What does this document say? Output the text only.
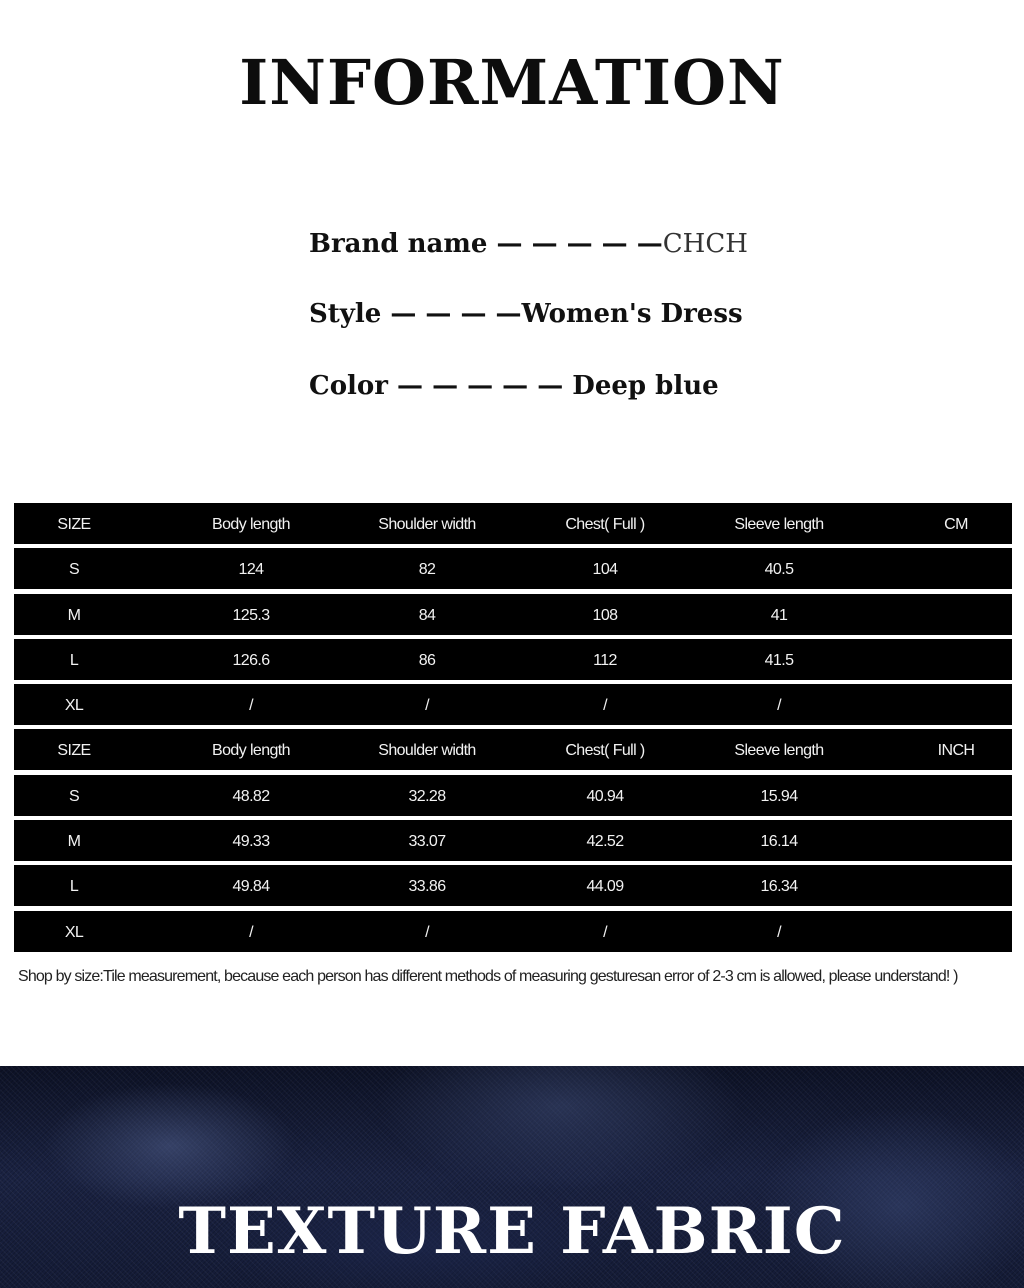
INFORMATION
Brand name — — — — —CHCH
Style — — — —Women's Dress
Color — — — — — Deep blue
SIZE	Body length	Shoulder width	Chest( Full )	Sleeve length	CM
S	124	82	104	40.5
M	125.3	84	108	41
L	126.6	86	112	41.5
XL	/	/	/	/
SIZE	Body length	Shoulder width	Chest( Full )	Sleeve length	INCH
S	48.82	32.28	40.94	15.94
M	49.33	33.07	42.52	16.14
L	49.84	33.86	44.09	16.34
XL	/	/	/	/
Shop by size:Tile measurement, because each person has different methods of measuring gesturesan error of 2-3 cm is allowed, please understand! )
TEXTURE FABRIC
